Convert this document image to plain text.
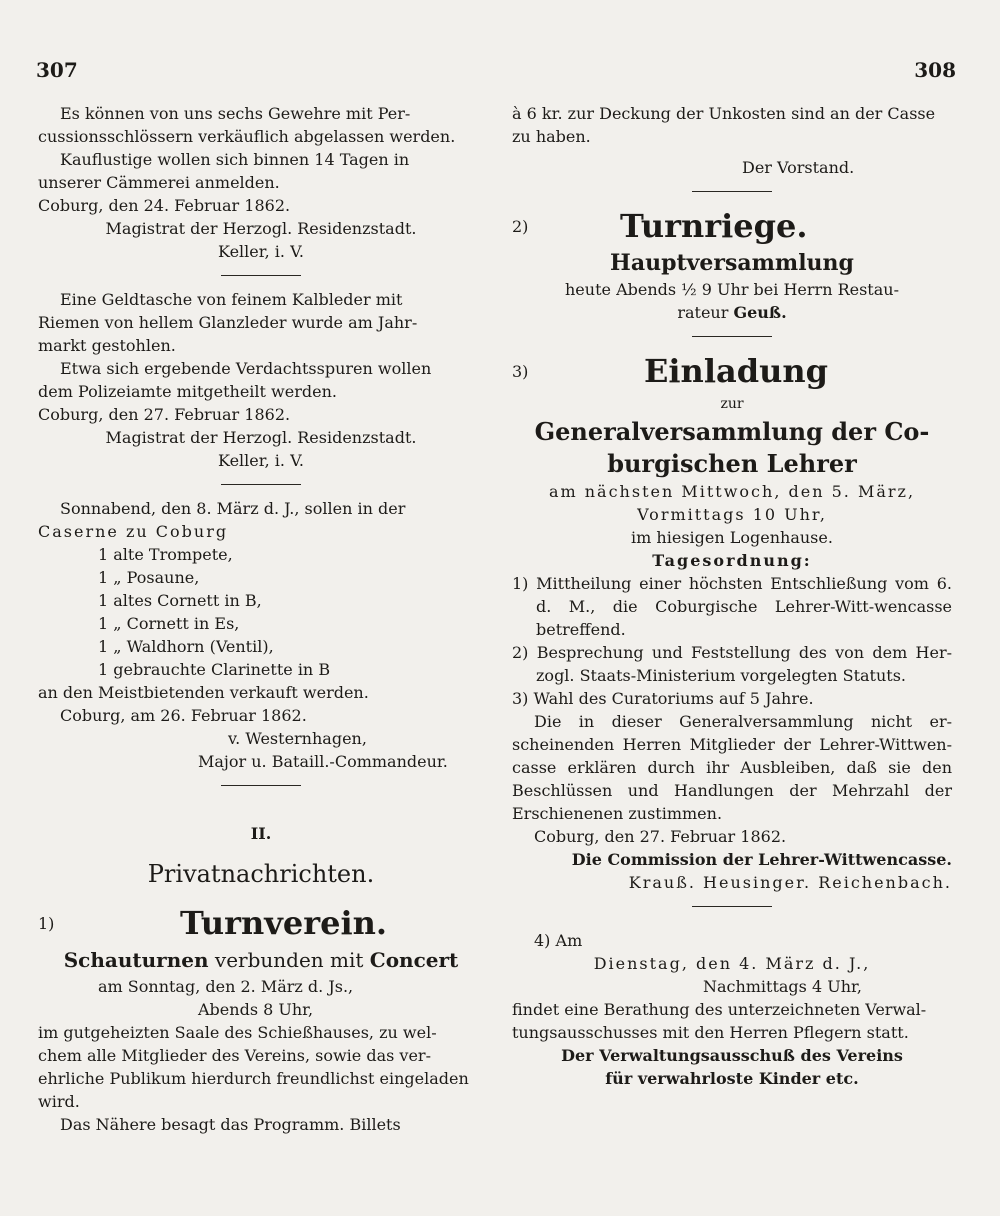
307	308

Es können von uns sechs Gewehre mit Per-

cussionsschlössern verkäuflich abgelassen werden.

Kauflustige wollen sich binnen 14 Tagen in

unserer Cämmerei anmelden.

Coburg, den 24. Februar 1862.

Magistrat der Herzogl. Residenzstadt.

Keller, i. V.

Eine Geldtasche von feinem Kalbleder mit

Riemen von hellem Glanzleder wurde am Jahr-

markt gestohlen.

Etwa sich ergebende Verdachtsspuren wollen

dem Polizeiamte mitgetheilt werden.

Coburg, den 27. Februar 1862.

Magistrat der Herzogl. Residenzstadt.

Keller, i. V.

Sonnabend, den 8. März d. J., sollen in der

Caserne zu Coburg

1 alte Trompete,

1 „ Posaune,

1 altes Cornett in B,

1 „ Cornett in Es,

1 „ Waldhorn (Ventil),

1 gebrauchte Clarinette in B

an den Meistbietenden verkauft werden.

Coburg, am 26. Februar 1862.

v. Westernhagen,

Major u. Bataill.-Commandeur.

II.

Privatnachrichten.

1)	Turnverein.

Schauturnen verbunden mit Concert

am Sonntag, den 2. März d. Js.,

Abends 8 Uhr,

im gutgeheizten Saale des Schießhauses, zu wel-

chem alle Mitglieder des Vereins, sowie das ver-

ehrliche Publikum hierdurch freundlichst eingeladen

wird.

Das Nähere besagt das Programm. Billets

à 6 kr. zur Deckung der Unkosten sind an der Casse

zu haben.

Der Vorstand.

2)	Turnriege.

Hauptversammlung

heute Abends ½ 9 Uhr bei Herrn Restau-

rateur Geuß.

3)	Einladung

zur

Generalversammlung der Co-

burgischen Lehrer

am nächsten Mittwoch, den 5. März,

Vormittags 10 Uhr,

im hiesigen Logenhause.

Tagesordnung:

1) Mittheilung einer höchsten Entschließung vom 6. d. M., die Coburgische Lehrer-Witt-wencasse betreffend.

2) Besprechung und Feststellung des von dem Her-zogl. Staats-Ministerium vorgelegten Statuts.

3) Wahl des Curatoriums auf 5 Jahre.

Die in dieser Generalversammlung nicht er-scheinenden Herren Mitglieder der Lehrer-Wittwen-casse erklären durch ihr Ausbleiben, daß sie den Beschlüssen und Handlungen der Mehrzahl der Erschienenen zustimmen.

Coburg, den 27. Februar 1862.

Die Commission der Lehrer-Wittwencasse.

Krauß. Heusinger. Reichenbach.

4) Am

Dienstag, den 4. März d. J.,

Nachmittags 4 Uhr,

findet eine Berathung des unterzeichneten Verwal-

tungsausschusses mit den Herren Pflegern statt.

Der Verwaltungsausschuß des Vereins

für verwahrloste Kinder etc.
